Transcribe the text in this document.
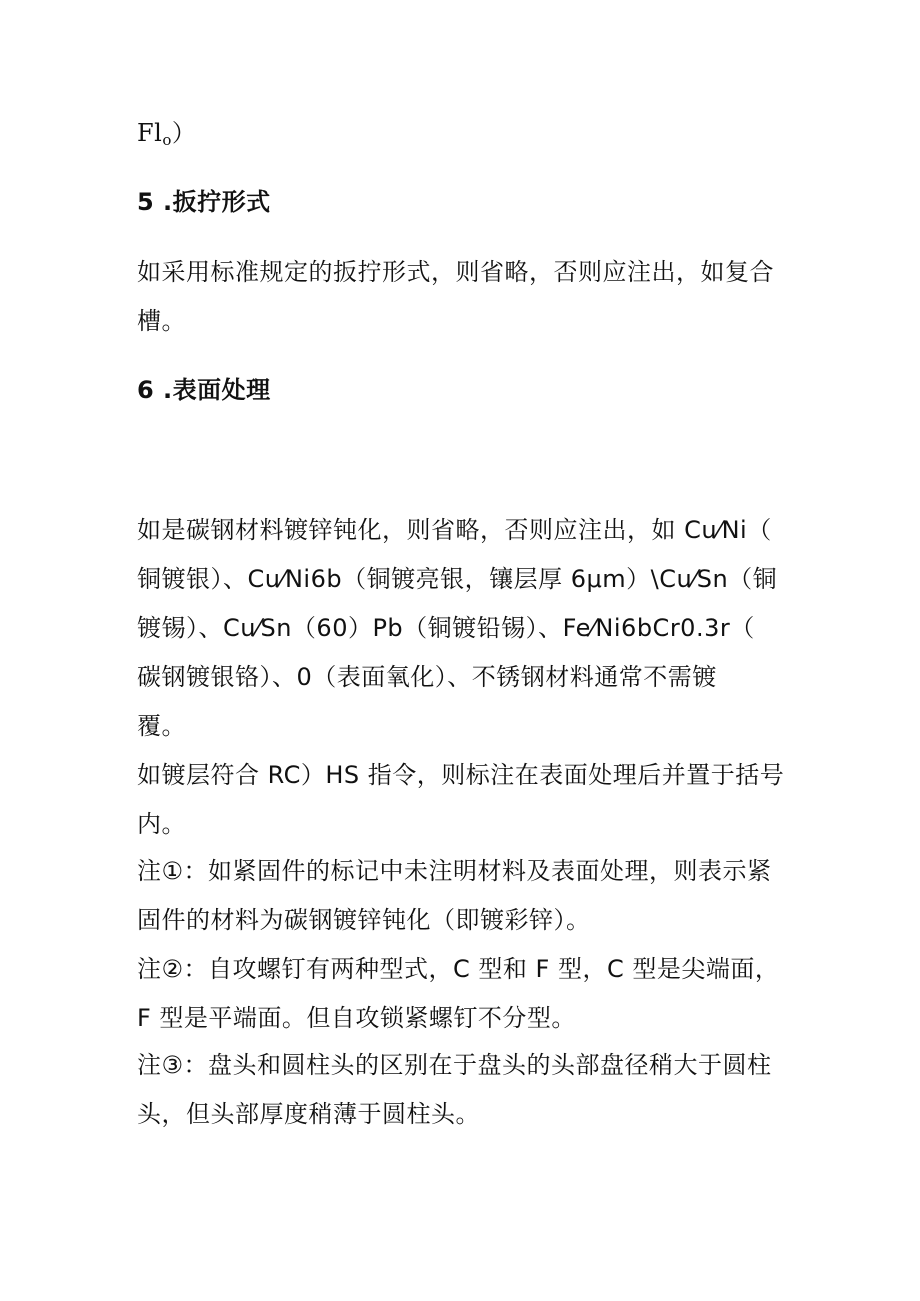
$Fl_o$）
5 .扳拧形式
如采用标准规定的扳拧形式，则省略，否则应注出，如复合
槽。
6 .表面处理
如是碳钢材料镀锌钝化，则省略，否则应注出，如 Cu⁄Ni（
铜镀银）、Cu⁄Ni6b（铜镀亮银，镶层厚 6μm）\Cu⁄Sn（铜
镀锡）、Cu⁄Sn（60）Pb（铜镀铅锡）、Fe⁄Ni6bCr0.3r（
碳钢镀银铬）、0（表面氧化）、不锈钢材料通常不需镀
覆。
如镀层符合 RC）HS 指令，则标注在表面处理后并置于括号
内。
注①：如紧固件的标记中未注明材料及表面处理，则表示紧
固件的材料为碳钢镀锌钝化（即镀彩锌）。
注②：自攻螺钉有两种型式，C 型和 F 型，C 型是尖端面，
F 型是平端面。但自攻锁紧螺钉不分型。
注③：盘头和圆柱头的区别在于盘头的头部盘径稍大于圆柱
头，但头部厚度稍薄于圆柱头。
